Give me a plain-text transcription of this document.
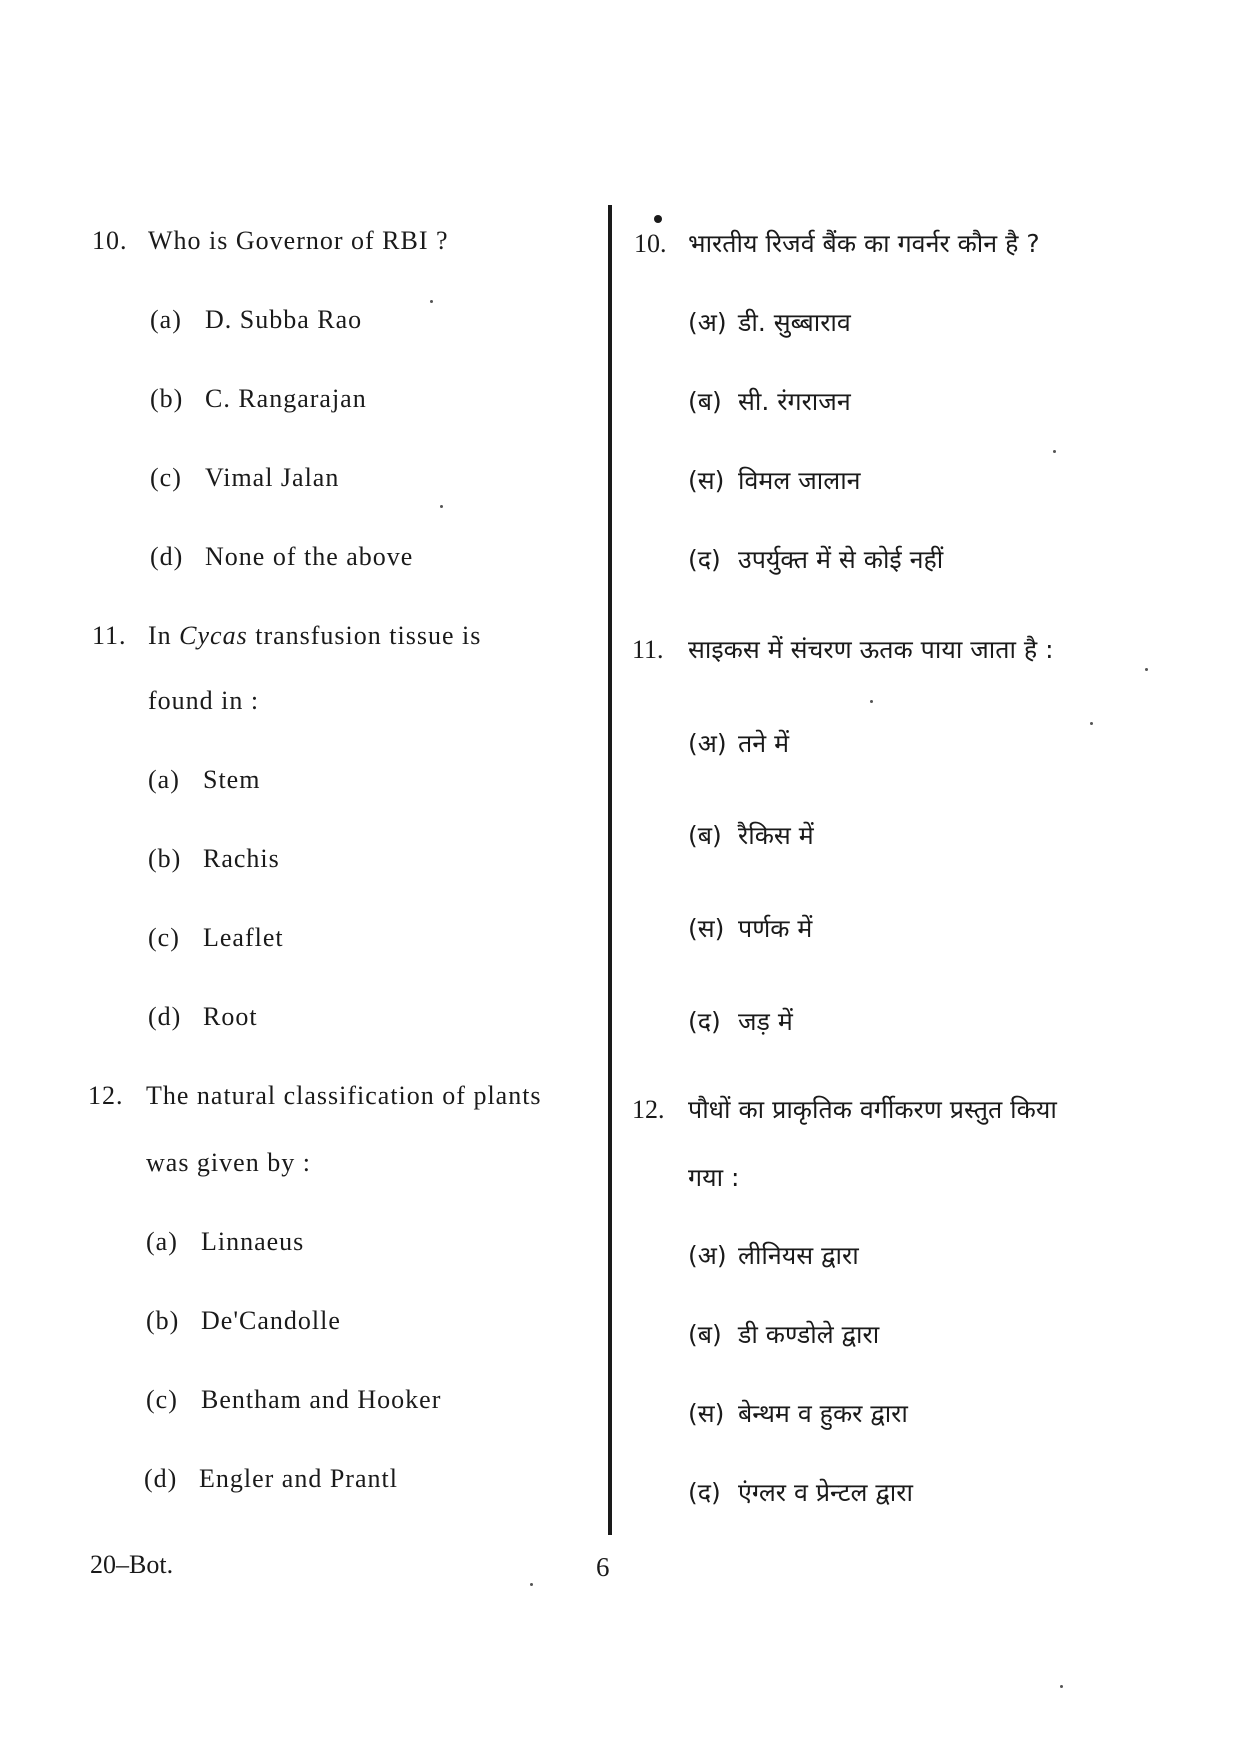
10. Who is Governor of RBI ?
(a) D. Subba Rao
(b) C. Rangarajan
(c) Vimal Jalan
(d) None of the above
11. In Cycas transfusion tissue is
found in :
(a) Stem
(b) Rachis
(c) Leaflet
(d) Root
12. The natural classification of plants
was given by :
(a) Linnaeus
(b) De'Candolle
(c) Bentham and Hooker
(d) Engler and Prantl
10. भारतीय रिजर्व बैंक का गवर्नर कौन है ?
(अ) डी. सुब्बाराव
(ब) सी. रंगराजन
(स) विमल जालान
(द) उपर्युक्त में से कोई नहीं
11. साइकस में संचरण ऊतक पाया जाता है :
(अ) तने में
(ब) रैकिस में
(स) पर्णक में
(द) जड़ में
12. पौधों का प्राकृतिक वर्गीकरण प्रस्तुत किया
गया :
(अ) लीनियस द्वारा
(ब) डी कण्डोले द्वारा
(स) बेन्थम व हुकर द्वारा
(द) एंग्लर व प्रेन्टल द्वारा
20–Bot.	6
